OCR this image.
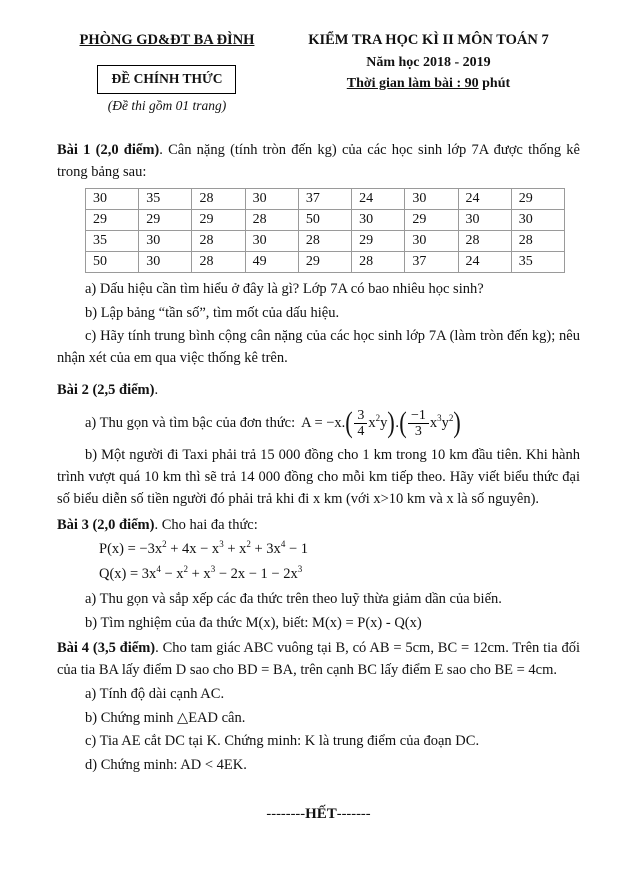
PHÒNG GD&ĐT BA ĐÌNH
ĐỀ CHÍNH THỨC
(Đề thi gồm 01 trang)
KIỂM TRA HỌC KÌ II MÔN TOÁN 7
Năm học 2018 - 2019
Thời gian làm bài : 90 phút

Bài 1 (2,0 điểm). Cân nặng (tính tròn đến kg) của các học sinh lớp 7A được thống kê trong bảng sau:

30	35	28	30	37	24	30	24	29
29	29	29	28	50	30	29	30	30
35	30	28	30	28	29	30	28	28
50	30	28	49	29	28	37	24	35

a) Dấu hiệu cần tìm hiểu ở đây là gì? Lớp 7A có bao nhiêu học sinh?

b) Lập bảng “tần số”, tìm mốt của dấu hiệu.

c) Hãy tính trung bình cộng cân nặng của các học sinh lớp 7A (làm tròn đến kg); nêu nhận xét của em qua việc thống kê trên.

Bài 2 (2,5 điểm).

a) Thu gọn và tìm bậc của đơn thức: A = −x. ( $\frac{3}{4} x^2y$ ) . ( $\frac{-1}{3} x^3y^2$ )

b) Một người đi Taxi phải trả 15 000 đồng cho 1 km trong 10 km đầu tiên. Khi hành trình vượt quá 10 km thì sẽ trả 14 000 đồng cho mỗi km tiếp theo. Hãy viết biểu thức đại số biểu diễn số tiền người đó phải trả khi đi x km (với x>10 km và x là số nguyên).

Bài 3 (2,0 điểm). Cho hai đa thức:

$P(x) = -3x^2 + 4x - x^3 + x^2 + 3x^4 - 1$

$Q(x) = 3x^4 - x^2 + x^3 - 2x - 1 - 2x^3$

a) Thu gọn và sắp xếp các đa thức trên theo luỹ thừa giảm dần của biến.

b) Tìm nghiệm của đa thức M(x), biết: M(x) = P(x) - Q(x)

Bài 4 (3,5 điểm). Cho tam giác ABC vuông tại B, có AB = 5cm, BC = 12cm. Trên tia đối của tia BA lấy điểm D sao cho BD = BA, trên cạnh BC lấy điểm E sao cho BE = 4cm.

a) Tính độ dài cạnh AC.

b) Chứng minh △EAD cân.

c) Tia AE cắt DC tại K. Chứng minh: K là trung điểm của đoạn DC.

d) Chứng minh: AD < 4EK.

--------HẾT-------
